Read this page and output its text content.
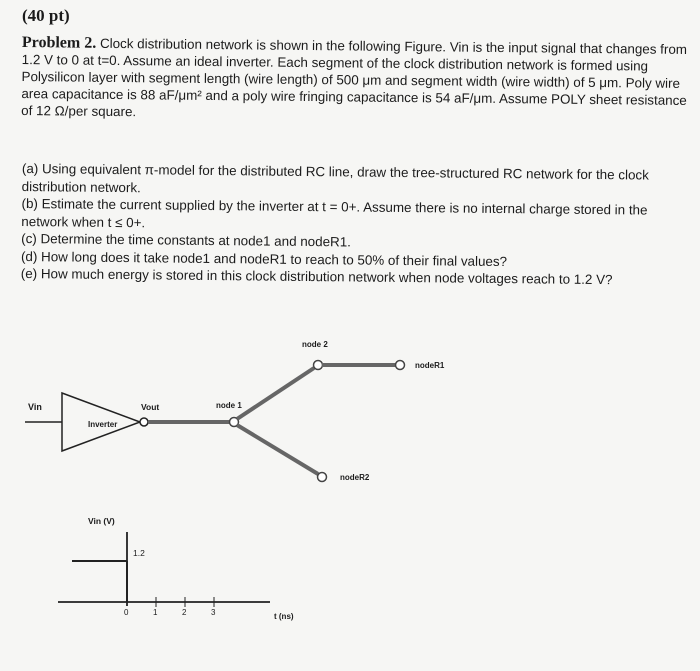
(40 pt)
Problem 2. Clock distribution network is shown in the following Figure. Vin is the input signal that changes from 1.2 V to 0 at t=0. Assume an ideal inverter. Each segment of the clock distribution network is formed using Polysilicon layer with segment length (wire length) of 500 μm and segment width (wire width) of 5 μm. Poly wire area capacitance is 88 aF/μm² and a poly wire fringing capacitance is 54 aF/μm. Assume POLY sheet resistance of 12 Ω/per square.

(a) Using equivalent π-model for the distributed RC line, draw the tree-structured RC network for the clock distribution network.

(b) Estimate the current supplied by the inverter at t = 0+. Assume there is no internal charge stored in the network when t ≤ 0+.

(c) Determine the time constants at node1 and nodeR1.

(d) How long does it take node1 and nodeR1 to reach to 50% of their final values?

(e) How much energy is stored in this clock distribution network when node voltages reach to 1.2 V?

Vin
Inverter
Vout	node 1
node 2
nodeR1
nodeR2
Vin (V)
1.2
0	1	2	3	t (ns)
